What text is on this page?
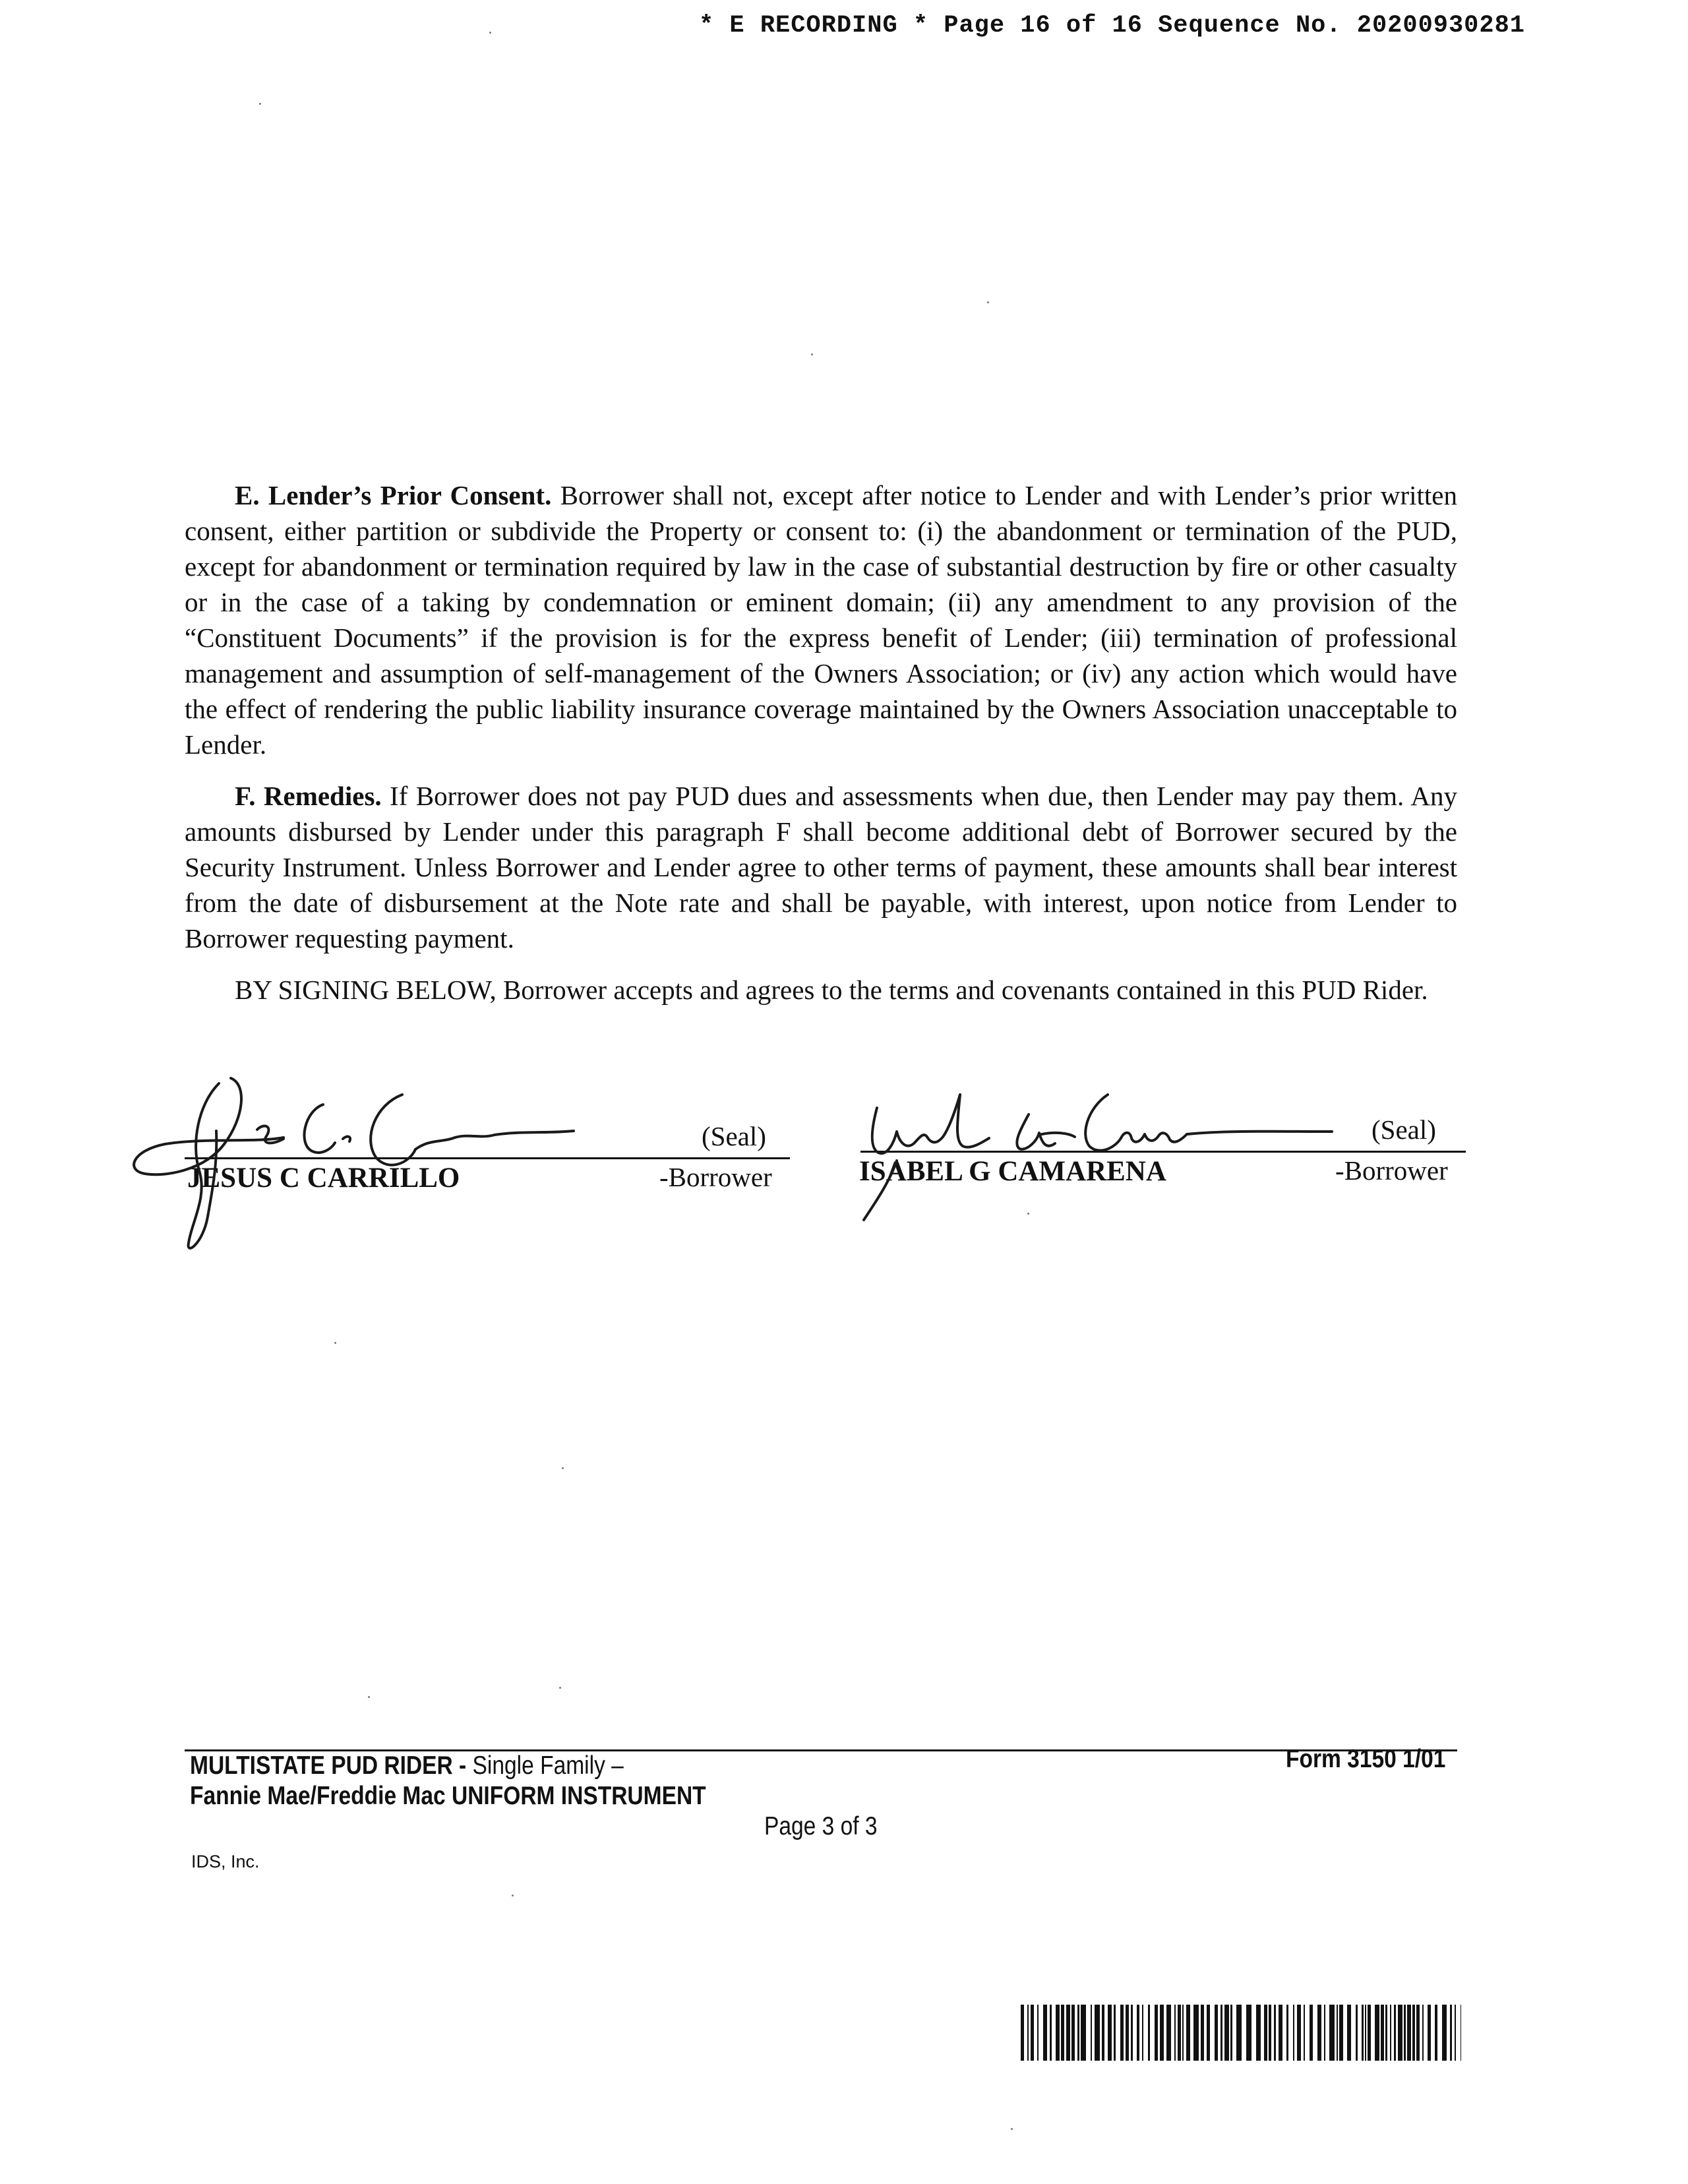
* E RECORDING * Page 16 of 16 Sequence No. 20200930281

E. Lender’s Prior Consent. Borrower shall not, except after notice to Lender and with Lender’s prior written consent, either partition or subdivide the Property or consent to: (i) the abandonment or termination of the PUD, except for abandonment or termination required by law in the case of substantial destruction by fire or other casualty or in the case of a taking by condemnation or eminent domain; (ii) any amendment to any provision of the “Constituent Documents” if the provision is for the express benefit of Lender; (iii) termination of professional management and assumption of self-management of the Owners Association; or (iv) any action which would have the effect of rendering the public liability insurance coverage maintained by the Owners Association unacceptable to Lender.

F. Remedies. If Borrower does not pay PUD dues and assessments when due, then Lender may pay them. Any amounts disbursed by Lender under this paragraph F shall become additional debt of Borrower secured by the Security Instrument. Unless Borrower and Lender agree to other terms of payment, these amounts shall bear interest from the date of disbursement at the Note rate and shall be payable, with interest, upon notice from Lender to Borrower requesting payment.

BY SIGNING BELOW, Borrower accepts and agrees to the terms and covenants contained in this PUD Rider.

(Seal)
JESUS C CARRILLO	-Borrower
(Seal)
ISABEL G CAMARENA	-Borrower
MULTISTATE PUD RIDER - Single Family –	Form 3150 1/01
Fannie Mae/Freddie Mac UNIFORM INSTRUMENT
Page 3 of 3
IDS, Inc.
